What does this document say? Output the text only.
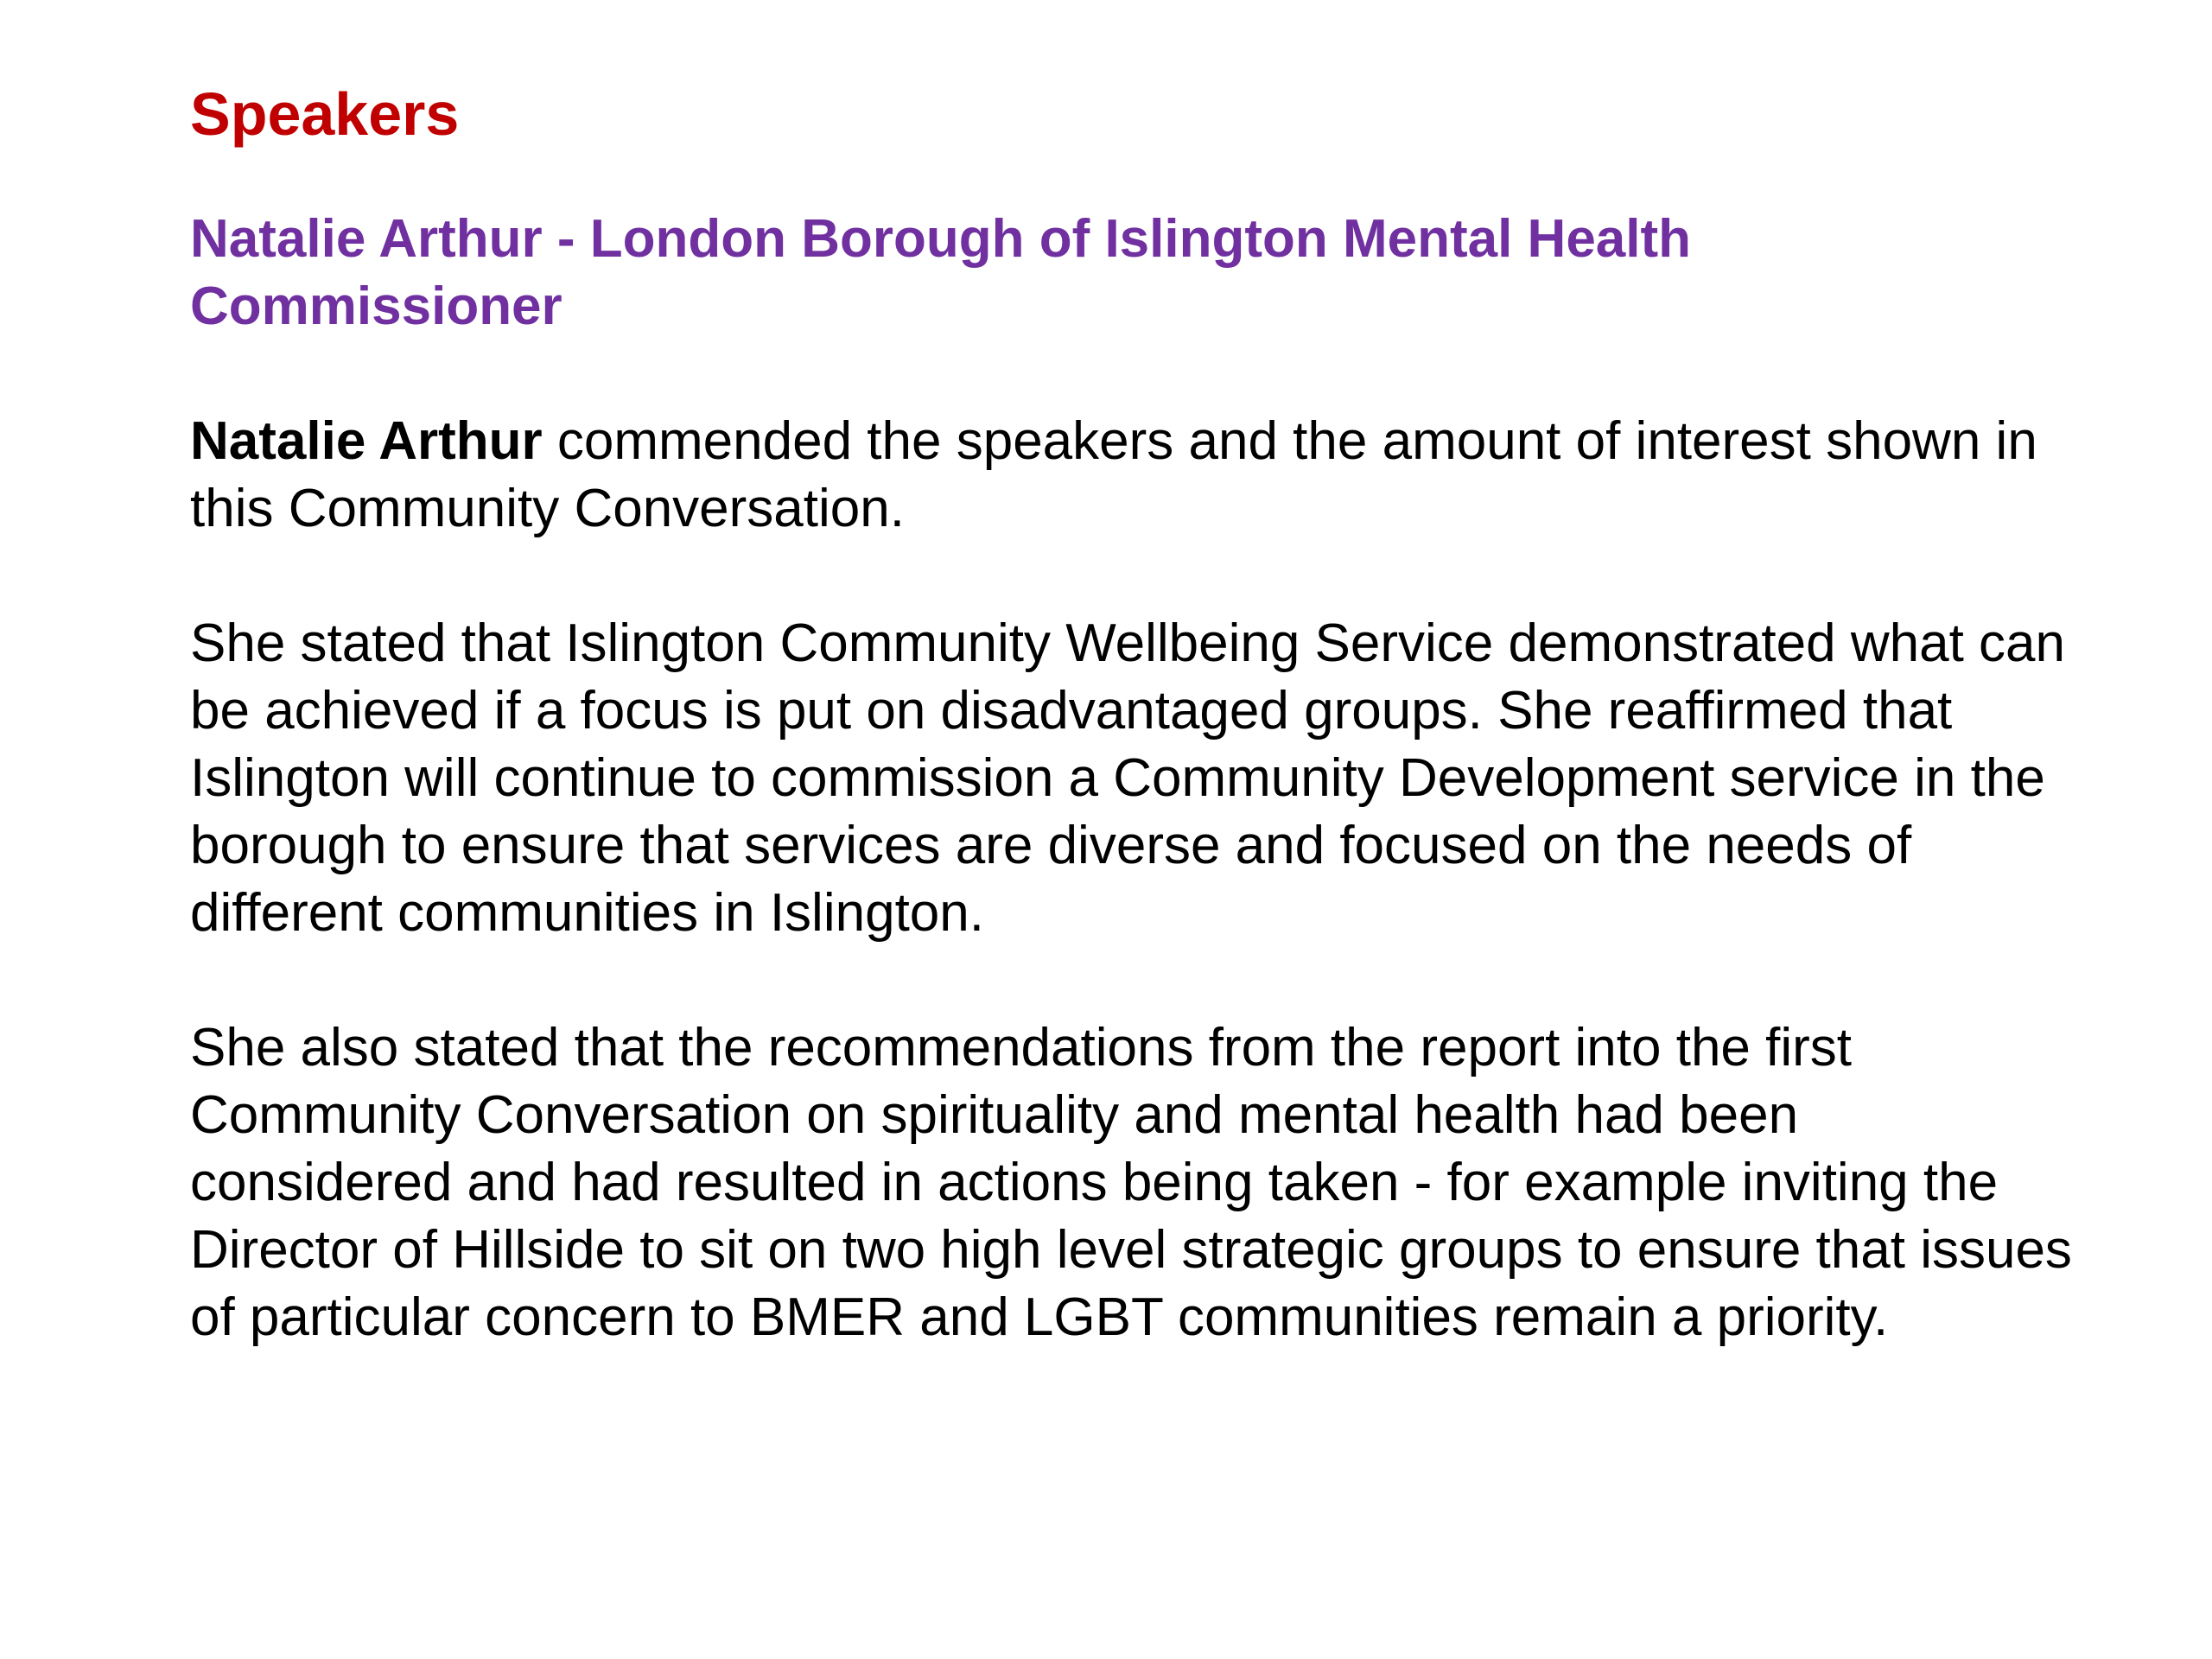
Speakers
Natalie Arthur - London Borough of Islington Mental Health Commissioner

Natalie Arthur commended the speakers and the amount of interest shown in this Community Conversation.

She stated that Islington Community Wellbeing Service demonstrated what can be achieved if a focus is put on disadvantaged groups. She reaffirmed that Islington will continue to commission a Community Development service in the borough to ensure that services are diverse and focused on the needs of different communities in Islington.

She also stated that the recommendations from the report into the first Community Conversation on spirituality and mental health had been considered and had resulted in actions being taken - for example inviting the Director of Hillside to sit on two high level strategic groups to ensure that issues of particular concern to BMER and LGBT communities remain a priority.
